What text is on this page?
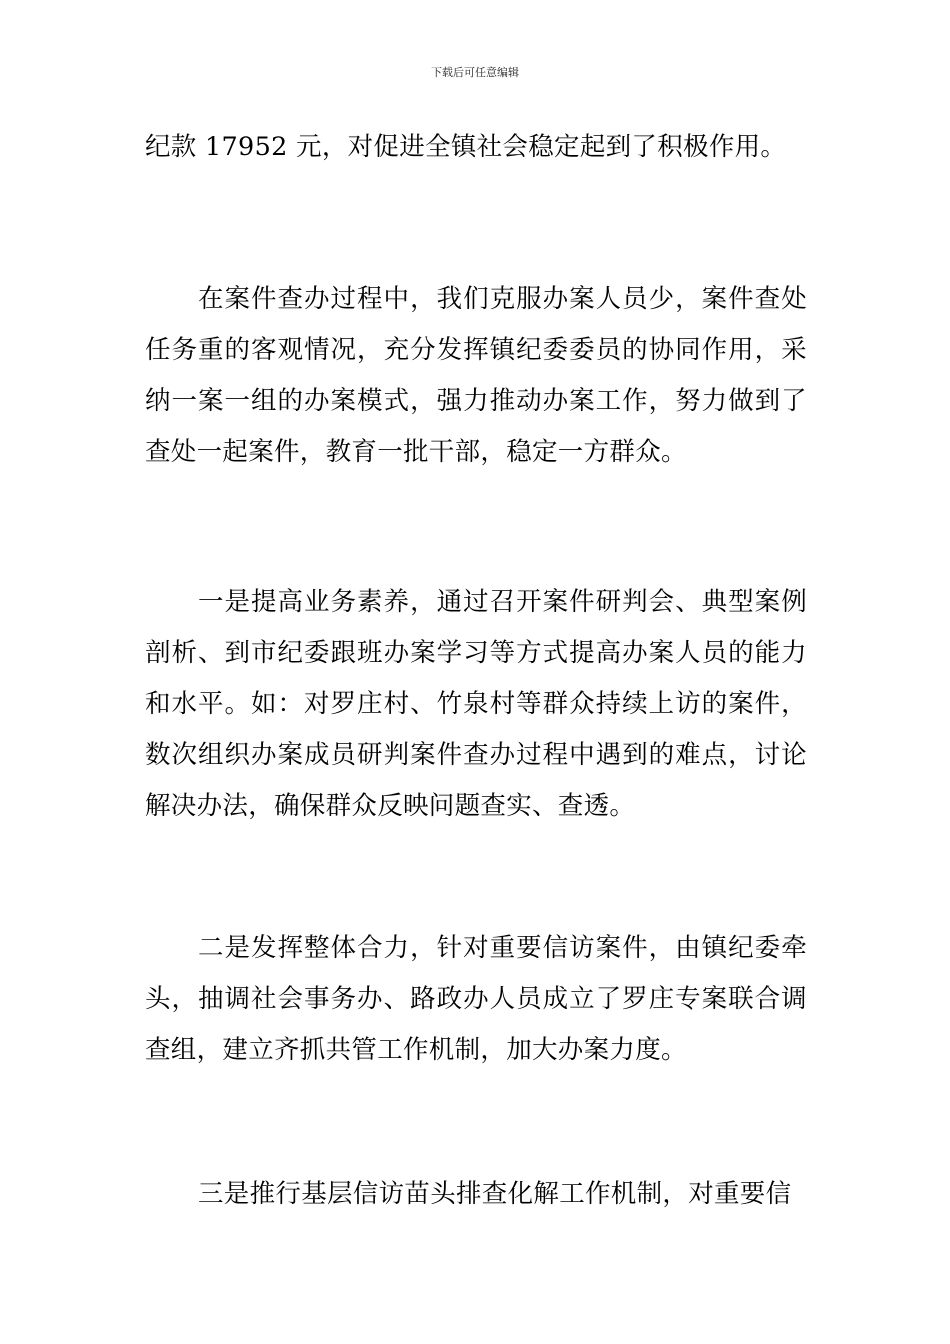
下载后可任意编辑

纪款 17952 元，对促进全镇社会稳定起到了积极作用。

在案件查办过程中，我们克服办案人员少，案件查处任务重的客观情况，充分发挥镇纪委委员的协同作用，采纳一案一组的办案模式，强力推动办案工作，努力做到了查处一起案件，教育一批干部，稳定一方群众。

一是提高业务素养，通过召开案件研判会、典型案例剖析、到市纪委跟班办案学习等方式提高办案人员的能力和水平。如：对罗庄村、竹泉村等群众持续上访的案件，数次组织办案成员研判案件查办过程中遇到的难点，讨论解决办法，确保群众反映问题查实、查透。

二是发挥整体合力，针对重要信访案件，由镇纪委牵头，抽调社会事务办、路政办人员成立了罗庄专案联合调查组，建立齐抓共管工作机制，加大办案力度。

三是推行基层信访苗头排查化解工作机制，对重要信
